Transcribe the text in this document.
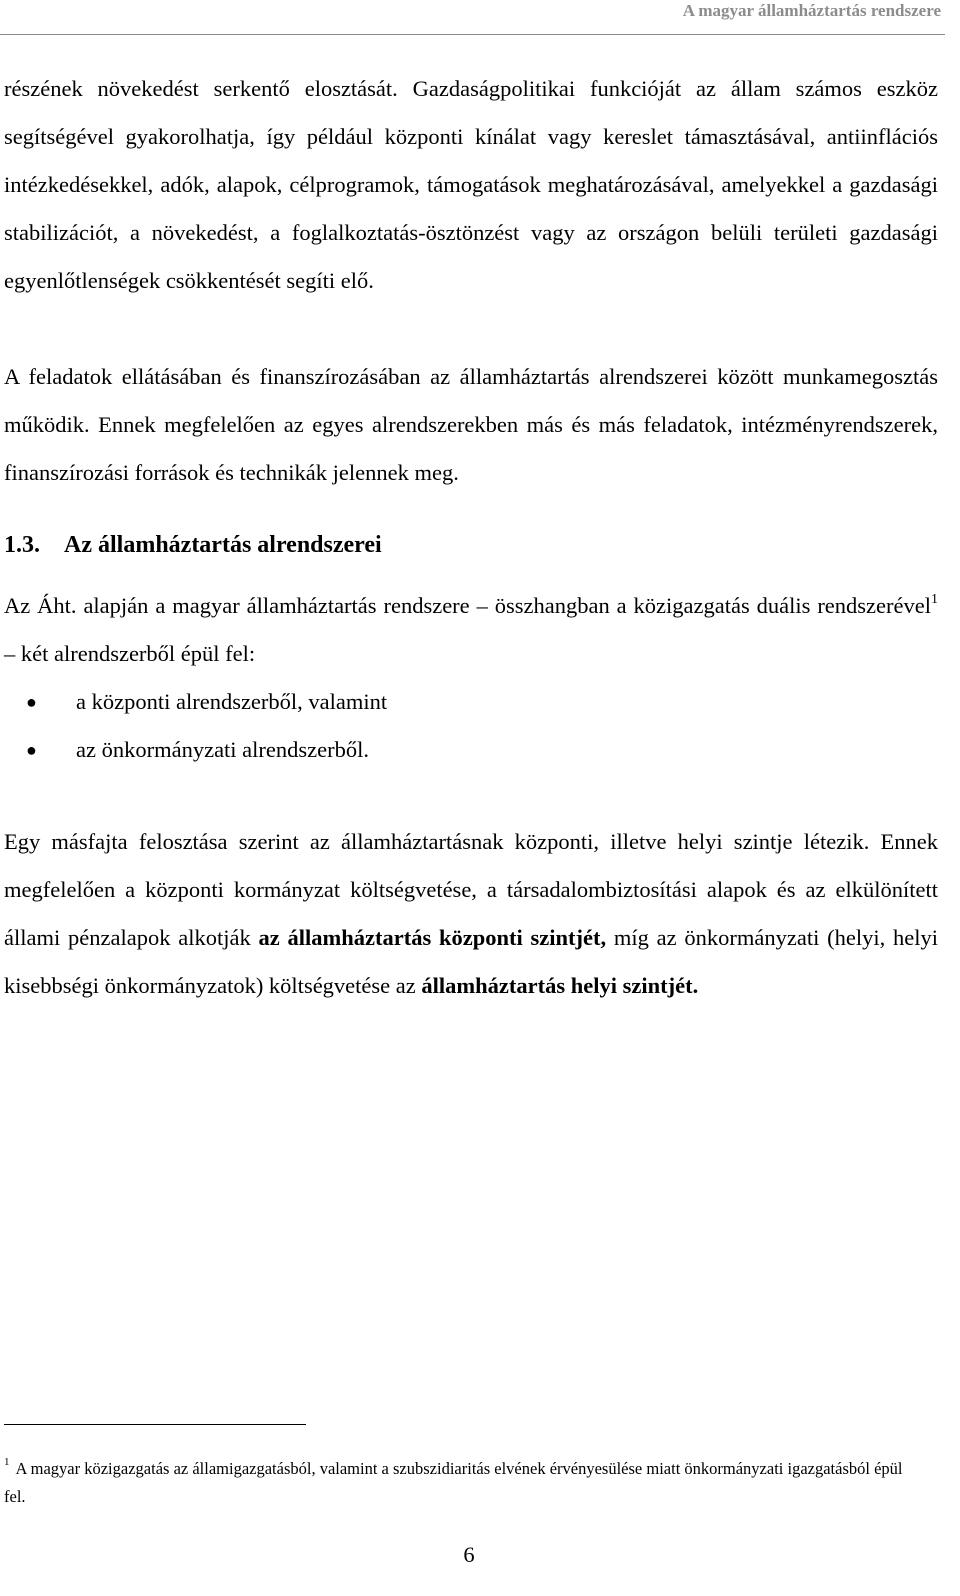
A magyar államháztartás rendszere

részének növekedést serkentő elosztását. Gazdaságpolitikai funkcióját az állam számos eszköz segítségével gyakorolhatja, így például központi kínálat vagy kereslet támasztásával, antiinflációs intézkedésekkel, adók, alapok, célprogramok, támogatások meghatározásával, amelyekkel a gazdasági stabilizációt, a növekedést, a foglalkoztatás-ösztönzést vagy az országon belüli területi gazdasági egyenlőtlenségek csökkentését segíti elő.

A feladatok ellátásában és finanszírozásában az államháztartás alrendszerei között munkamegosztás működik. Ennek megfelelően az egyes alrendszerekben más és más feladatok, intézményrendszerek, finanszírozási források és technikák jelennek meg.

1.3. Az államháztartás alrendszerei

Az Áht. alapján a magyar államháztartás rendszere – összhangban a közigazgatás duális rendszerével$^1$ – két alrendszerből épül fel:

● a központi alrendszerből, valamint
● az önkormányzati alrendszerből.

Egy másfajta felosztása szerint az államháztartásnak központi, illetve helyi szintje létezik. Ennek megfelelően a központi kormányzat költségvetése, a társadalombiztosítási alapok és az elkülönített állami pénzalapok alkotják az államháztartás központi szintjét, míg az önkormányzati (helyi, helyi kisebbségi önkormányzatok) költségvetése az államháztartás helyi szintjét.

$^1$ A magyar közigazgatás az államigazgatásból, valamint a szubszidiaritás elvének érvényesülése miatt önkormányzati igazgatásból épül fel.
6
